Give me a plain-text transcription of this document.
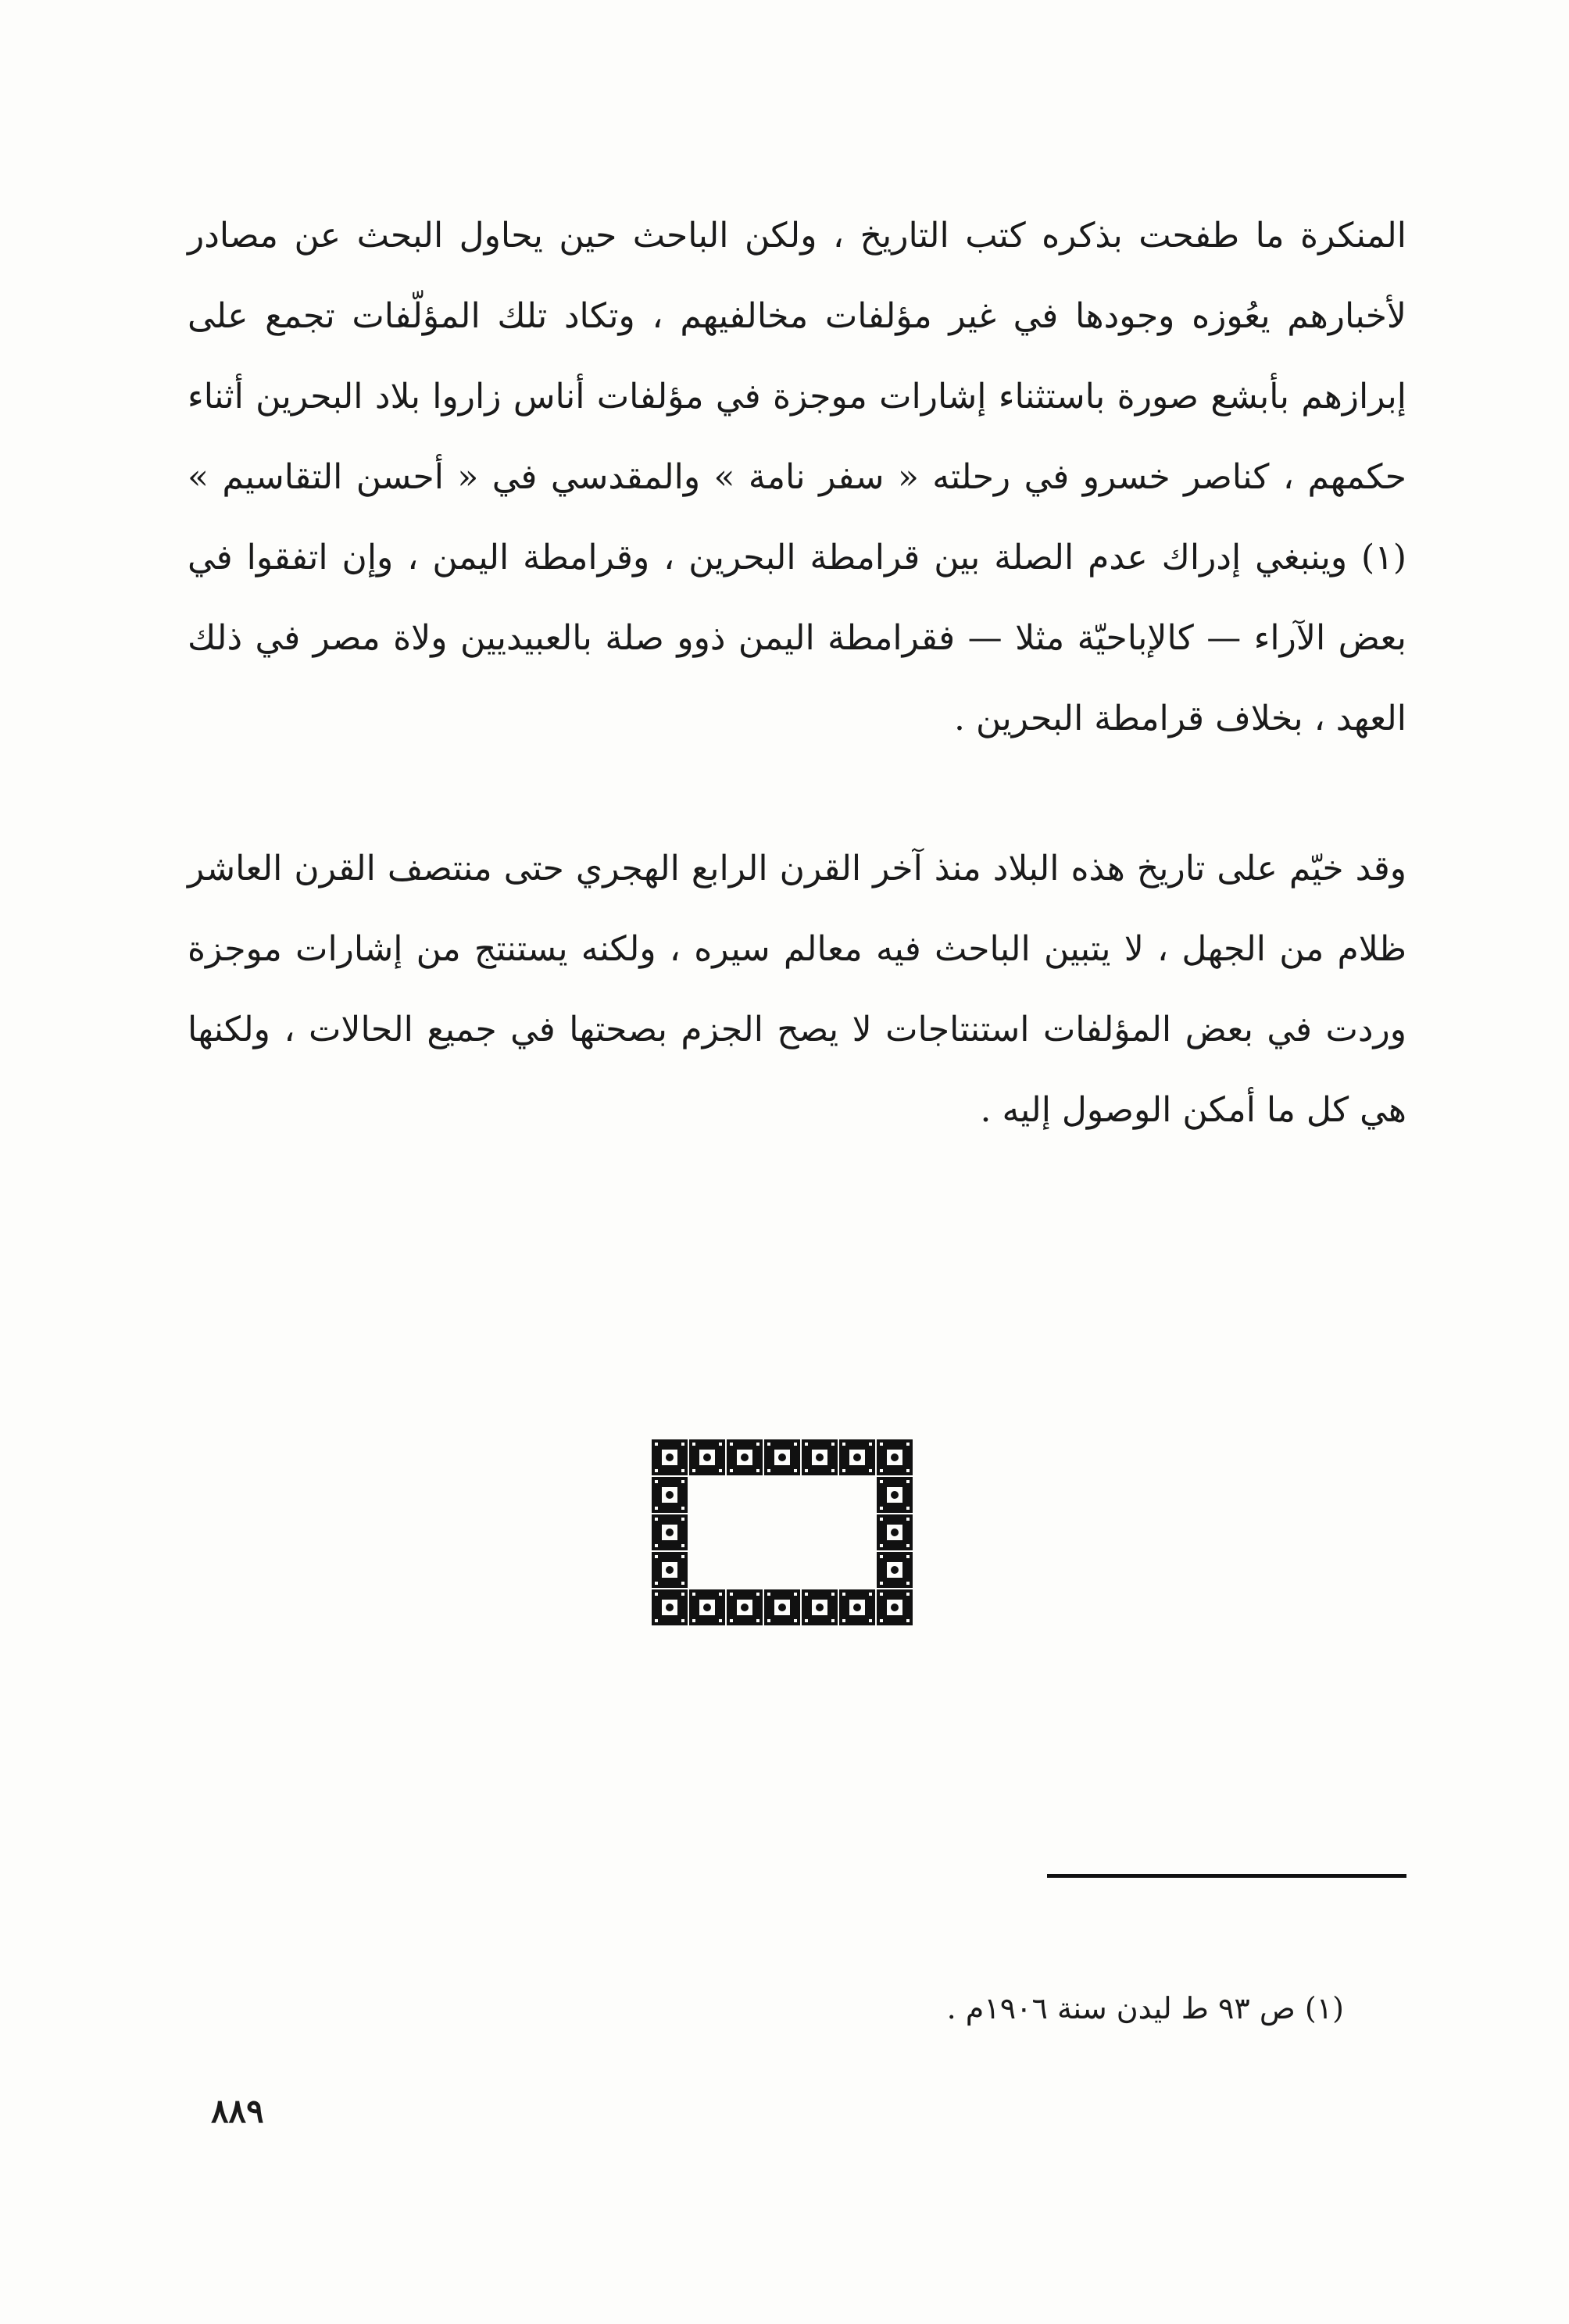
المنكرة ما طفحت بذكره كتب التاريخ ، ولكن الباحث حين يحاول البحث عن مصادر لأخبارهم يعُوزه وجودها في غير مؤلفات مخالفيهم ، وتكاد تلك المؤلّفات تجمع على إبرازهم بأبشع صورة باستثناء إشارات موجزة في مؤلفات أناس زاروا بلاد البحرين أثناء حكمهم ، كناصر خسرو في رحلته « سفر نامة » والمقدسي في « أحسن التقاسيم » (١) وينبغي إدراك عدم الصلة بين قرامطة البحرين ، وقرامطة اليمن ، وإن اتفقوا في بعض الآراء — كالإباحيّة مثلا — فقرامطة اليمن ذوو صلة بالعبيديين ولاة مصر في ذلك العهد ، بخلاف قرامطة البحرين .

وقد خيّم على تاريخ هذه البلاد منذ آخر القرن الرابع الهجري حتى منتصف القرن العاشر ظلام من الجهل ، لا يتبين الباحث فيه معالم سيره ، ولكنه يستنتج من إشارات موجزة وردت في بعض المؤلفات استنتاجات لا يصح الجزم بصحتها في جميع الحالات ، ولكنها هي كل ما أمكن الوصول إليه .

(١) ص ٩٣ ط ليدن سنة ١٩٠٦م .
٨٨٩
